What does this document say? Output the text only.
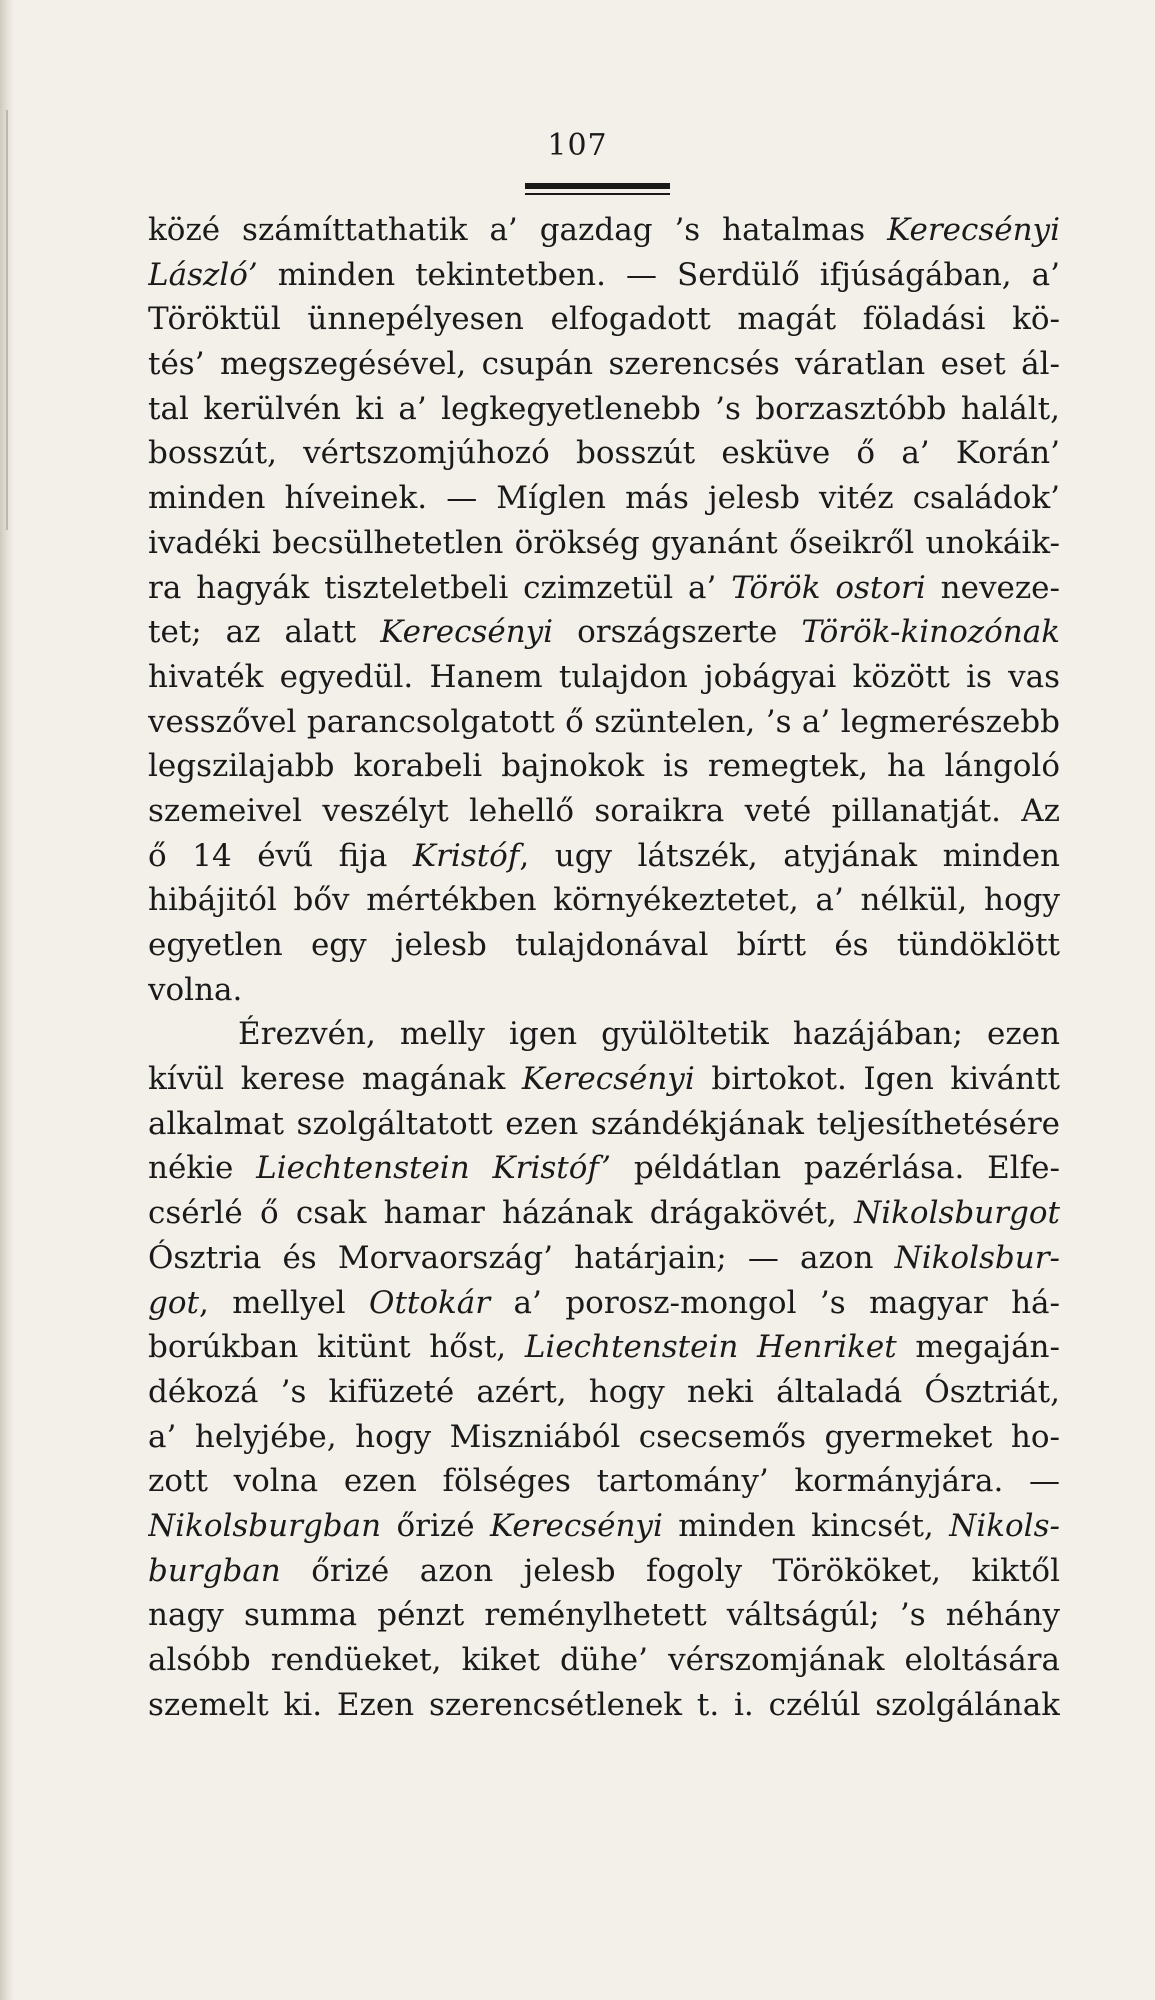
107
közé számíttathatik a’ gazdag ’s hatalmas Kerecsényi
László’ minden tekintetben. — Serdülő ifjúságában, a’
Töröktül ünnepélyesen elfogadott magát föladási kö-
tés’ megszegésével, csupán szerencsés váratlan eset ál-
tal kerülvén ki a’ legkegyetlenebb ’s borzasztóbb halált,
bosszút, vértszomjúhozó bosszút esküve ő a’ Korán’
minden híveinek. — Míglen más jelesb vitéz családok’
ivadéki becsülhetetlen örökség gyanánt őseikről unokáik-
ra hagyák tiszteletbeli czimzetül a’ Török ostori neveze-
tet; az alatt Kerecsényi országszerte Török-kinozónak
hivaték egyedül. Hanem tulajdon jobágyai között is vas
vesszővel parancsolgatott ő szüntelen, ’s a’ legmerészebb
legszilajabb korabeli bajnokok is remegtek, ha lángoló
szemeivel veszélyt lehellő soraikra veté pillanatját. Az
ő 14 évű fija Kristóf, ugy látszék, atyjának minden
hibájitól bőv mértékben környékeztetet, a’ nélkül, hogy
egyetlen egy jelesb tulajdonával bírtt és tündöklött
volna.
Érezvén, melly igen gyülöltetik hazájában; ezen
kívül kerese magának Kerecsényi birtokot. Igen kivántt
alkalmat szolgáltatott ezen szándékjának teljesíthetésére
nékie Liechtenstein Kristóf’ példátlan pazérlása. Elfe-
csérlé ő csak hamar házának drágakövét, Nikolsburgot
Ósztria és Morvaország’ határjain; — azon Nikolsbur-
got, mellyel Ottokár a’ porosz-mongol ’s magyar há-
borúkban kitünt hőst, Liechtenstein Henriket megaján-
dékozá ’s kifüzeté azért, hogy neki általadá Ósztriát,
a’ helyjébe, hogy Miszniából csecsemős gyermeket ho-
zott volna ezen fölséges tartomány’ kormányjára. —
Nikolsburgban őrizé Kerecsényi minden kincsét, Nikols-
burgban őrizé azon jelesb fogoly Törököket, kiktől
nagy summa pénzt reménylhetett váltságúl; ’s néhány
alsóbb rendüeket, kiket dühe’ vérszomjának eloltására
szemelt ki. Ezen szerencsétlenek t. i. czélúl szolgálának
